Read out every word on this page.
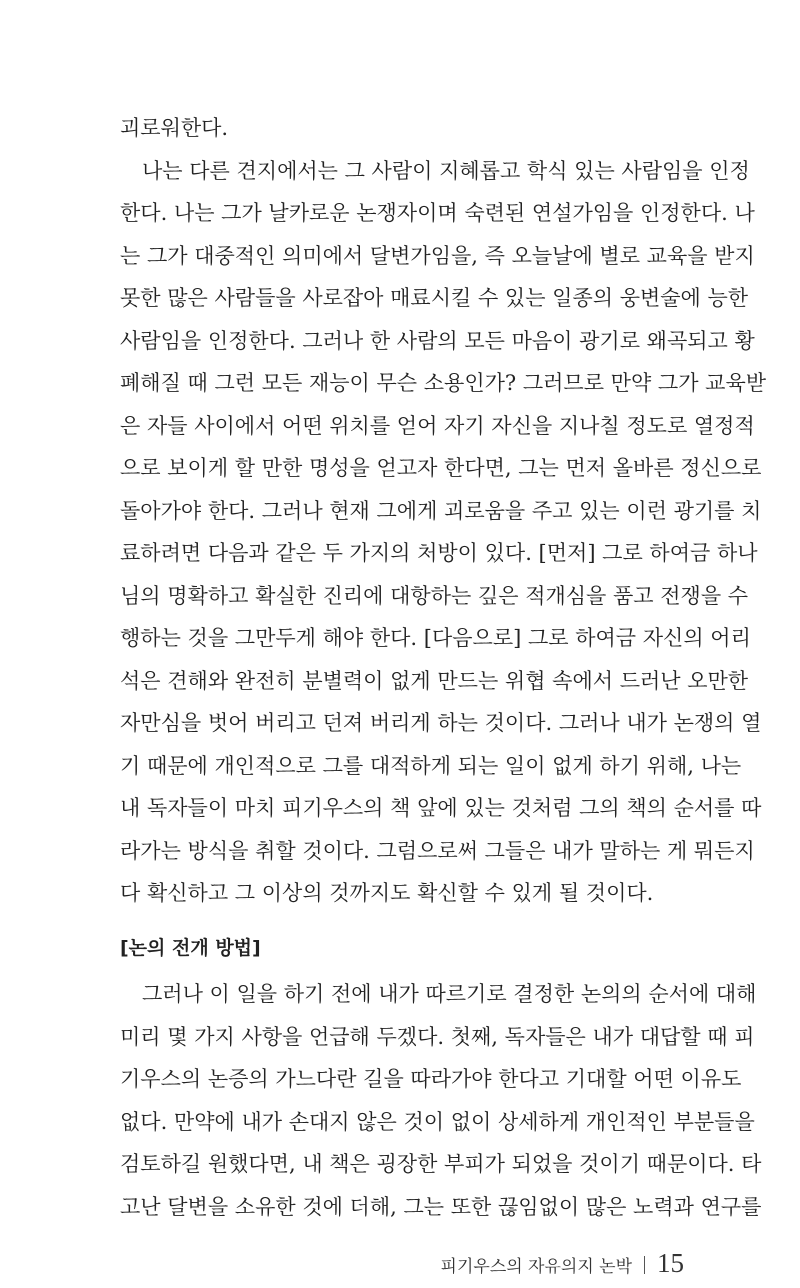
괴로워한다.
나는 다른 견지에서는 그 사람이 지혜롭고 학식 있는 사람임을 인정
한다. 나는 그가 날카로운 논쟁자이며 숙련된 연설가임을 인정한다. 나
는 그가 대중적인 의미에서 달변가임을, 즉 오늘날에 별로 교육을 받지
못한 많은 사람들을 사로잡아 매료시킬 수 있는 일종의 웅변술에 능한
사람임을 인정한다. 그러나 한 사람의 모든 마음이 광기로 왜곡되고 황
폐해질 때 그런 모든 재능이 무슨 소용인가? 그러므로 만약 그가 교육받
은 자들 사이에서 어떤 위치를 얻어 자기 자신을 지나칠 정도로 열정적
으로 보이게 할 만한 명성을 얻고자 한다면, 그는 먼저 올바른 정신으로
돌아가야 한다. 그러나 현재 그에게 괴로움을 주고 있는 이런 광기를 치
료하려면 다음과 같은 두 가지의 처방이 있다. [먼저] 그로 하여금 하나
님의 명확하고 확실한 진리에 대항하는 깊은 적개심을 품고 전쟁을 수
행하는 것을 그만두게 해야 한다. [다음으로] 그로 하여금 자신의 어리
석은 견해와 완전히 분별력이 없게 만드는 위협 속에서 드러난 오만한
자만심을 벗어 버리고 던져 버리게 하는 것이다. 그러나 내가 논쟁의 열
기 때문에 개인적으로 그를 대적하게 되는 일이 없게 하기 위해, 나는
내 독자들이 마치 피기우스의 책 앞에 있는 것처럼 그의 책의 순서를 따
라가는 방식을 취할 것이다. 그럼으로써 그들은 내가 말하는 게 뭐든지
다 확신하고 그 이상의 것까지도 확신할 수 있게 될 것이다.
[논의 전개 방법]
그러나 이 일을 하기 전에 내가 따르기로 결정한 논의의 순서에 대해
미리 몇 가지 사항을 언급해 두겠다. 첫째, 독자들은 내가 대답할 때 피
기우스의 논증의 가느다란 길을 따라가야 한다고 기대할 어떤 이유도
없다. 만약에 내가 손대지 않은 것이 없이 상세하게 개인적인 부분들을
검토하길 원했다면, 내 책은 굉장한 부피가 되었을 것이기 때문이다. 타
고난 달변을 소유한 것에 더해, 그는 또한 끊임없이 많은 노력과 연구를
피기우스의 자유의지 논박 15
